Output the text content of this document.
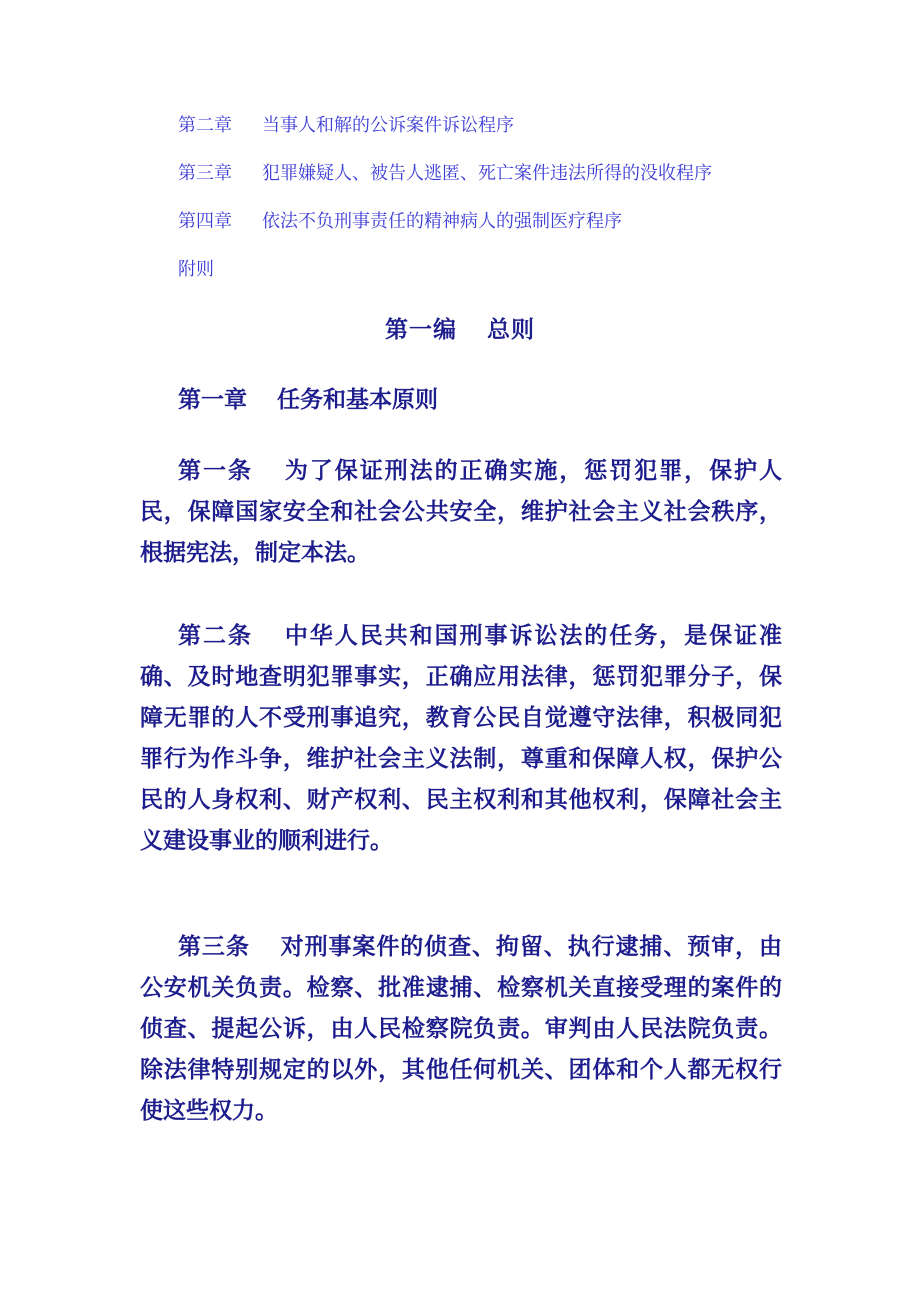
第二章 当事人和解的公诉案件诉讼程序
第三章 犯罪嫌疑人、被告人逃匿、死亡案件违法所得的没收程序
第四章 依法不负刑事责任的精神病人的强制医疗程序
附则
第一编 总则
第一章 任务和基本原则

第一条 为了保证刑法的正确实施，惩罚犯罪，保护人民，保障国家安全和社会公共安全，维护社会主义社会秩序，根据宪法，制定本法。

第二条 中华人民共和国刑事诉讼法的任务，是保证准确、及时地查明犯罪事实，正确应用法律，惩罚犯罪分子，保障无罪的人不受刑事追究，教育公民自觉遵守法律，积极同犯罪行为作斗争，维护社会主义法制，尊重和保障人权，保护公民的人身权利、财产权利、民主权利和其他权利，保障社会主义建设事业的顺利进行。

第三条 对刑事案件的侦查、拘留、执行逮捕、预审，由公安机关负责。检察、批准逮捕、检察机关直接受理的案件的侦查、提起公诉，由人民检察院负责。审判由人民法院负责。除法律特别规定的以外，其他任何机关、团体和个人都无权行使这些权力。
